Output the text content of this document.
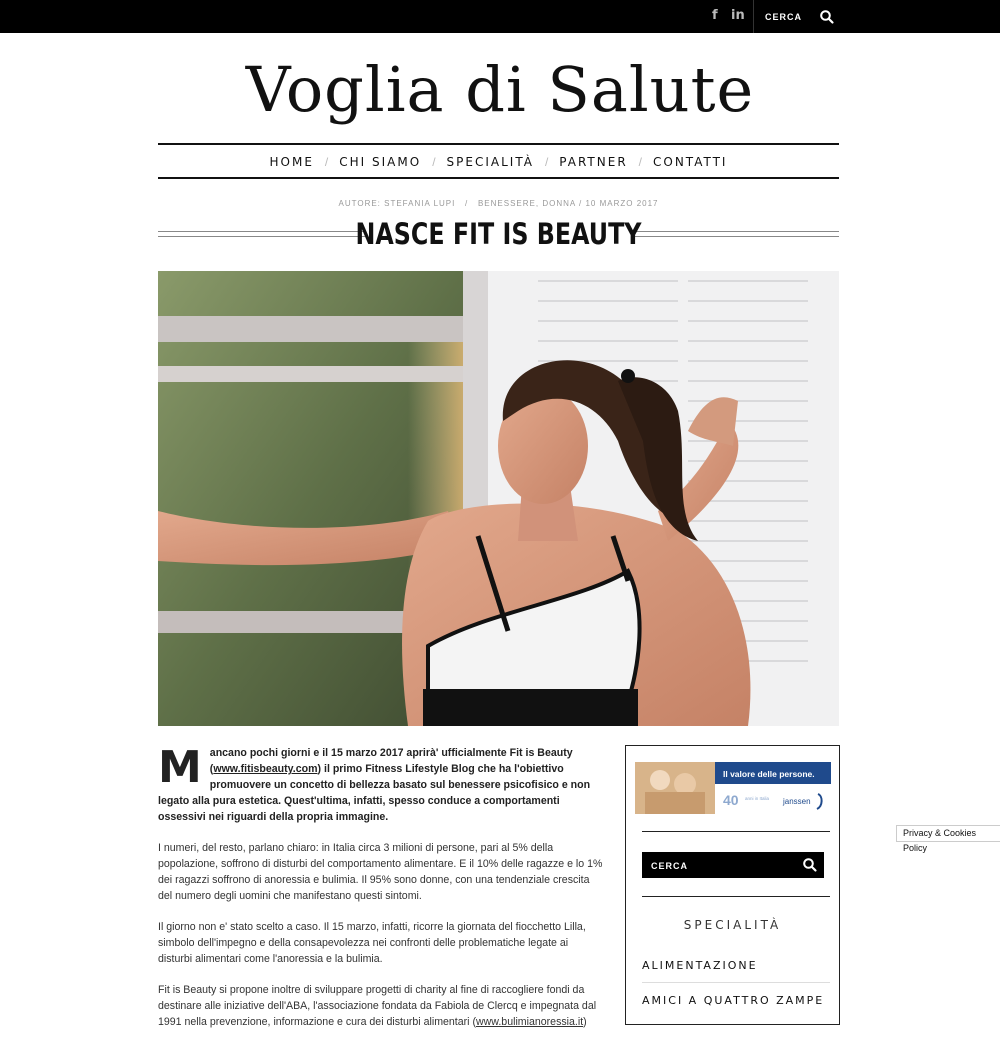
f in CERCA
Voglia di Salute
HOME / CHI SIAMO / SPECIALITÀ / PARTNER / CONTATTI
AUTORE: STEFANIA LUPI   /   BENESSERE, DONNA / 10 MARZO 2017
NASCE FIT IS BEAUTY
Mancano pochi giorni e il 15 marzo 2017 aprirà' ufficialmente Fit is Beauty (www.fitisbeauty.com) il primo Fitness Lifestyle Blog che ha l'obiettivo promuovere un concetto di bellezza basato sul benessere psicofisico e non legato alla pura estetica. Quest'ultima, infatti, spesso conduce a comportamenti ossessivi nei riguardi della propria immagine.

I numeri, del resto, parlano chiaro: in Italia circa 3 milioni di persone, pari al 5% della popolazione, soffrono di disturbi del comportamento alimentare. E il 10% delle ragazze e lo 1% dei ragazzi soffrono di anoressia e bulimia. Il 95% sono donne, con una tendenziale crescita del numero degli uomini che manifestano questi sintomi.

Il giorno non e' stato scelto a caso. Il 15 marzo, infatti, ricorre la giornata del fiocchetto Lilla, simbolo dell'impegno e della consapevolezza nei confronti delle problematiche legate ai disturbi alimentari come l'anoressia e la bulimia.

Fit is Beauty si propone inoltre di sviluppare progetti di charity al fine di raccogliere fondi da destinare alle iniziative dell'ABA, l'associazione fondata da Fabiola de Clercq e impegnata dal 1991 nella prevenzione, informazione e cura dei disturbi alimentari (www.bulimianoressia.it)

Il valore delle persone.
40 anni in Italia janssen
CERCA
SPECIALITÀ
ALIMENTAZIONE
AMICI A QUATTRO ZAMPE
Privacy & Cookies Policy
